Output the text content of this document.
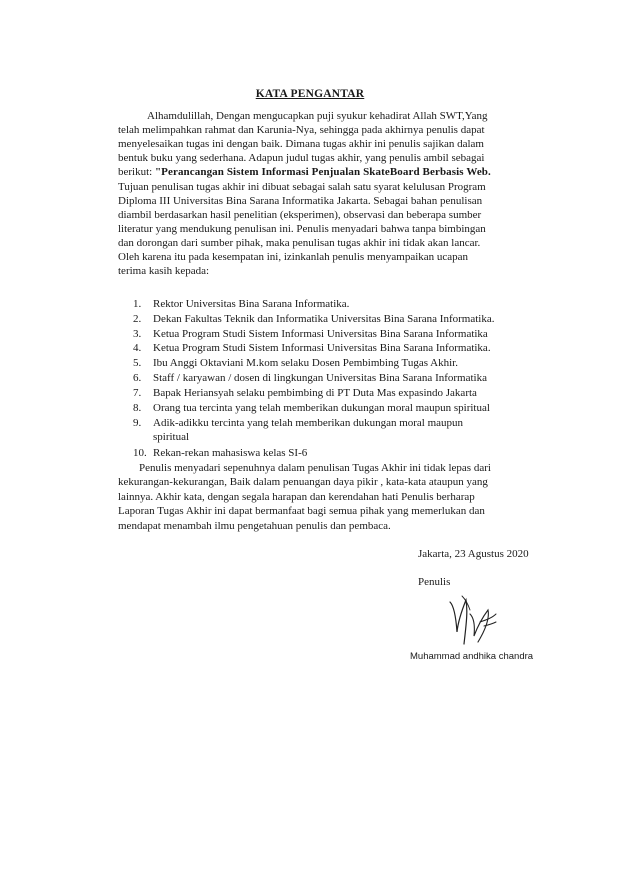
KATA PENGANTAR
Alhamdulillah, Dengan mengucapkan puji syukur kehadirat Allah SWT,Yang
telah melimpahkan rahmat dan Karunia-Nya, sehingga pada akhirnya penulis dapat
menyelesaikan tugas ini dengan baik. Dimana tugas akhir ini penulis sajikan dalam
bentuk buku yang sederhana. Adapun judul tugas akhir, yang penulis ambil sebagai
berikut: "Perancangan Sistem Informasi Penjualan SkateBoard Berbasis Web.
Tujuan penulisan tugas akhir ini dibuat sebagai salah satu syarat kelulusan Program
Diploma III Universitas Bina Sarana Informatika Jakarta. Sebagai bahan penulisan
diambil berdasarkan hasil penelitian (eksperimen), observasi dan beberapa sumber
literatur yang mendukung penulisan ini. Penulis menyadari bahwa tanpa bimbingan
dan dorongan dari sumber pihak, maka penulisan tugas akhir ini tidak akan lancar.
Oleh karena itu pada kesempatan ini, izinkanlah penulis menyampaikan ucapan
terima kasih kepada:
1. Rektor Universitas Bina Sarana Informatika.
2. Dekan Fakultas Teknik dan Informatika Universitas Bina Sarana Informatika.
3. Ketua Program Studi Sistem Informasi Universitas Bina Sarana Informatika
4. Ketua Program Studi Sistem Informasi Universitas Bina Sarana Informatika.
5. Ibu Anggi Oktaviani M.kom selaku Dosen Pembimbing Tugas Akhir.
6. Staff / karyawan / dosen di lingkungan Universitas Bina Sarana Informatika
7. Bapak Heriansyah selaku pembimbing di PT Duta Mas expasindo Jakarta
8. Orang tua tercinta yang telah memberikan dukungan moral maupun spiritual
9. Adik-adikku tercinta yang telah memberikan dukungan moral maupun
spiritual
10. Rekan-rekan mahasiswa kelas SI-6
Penulis menyadari sepenuhnya dalam penulisan Tugas Akhir ini tidak lepas dari
kekurangan-kekurangan, Baik dalam penuangan daya pikir , kata-kata ataupun yang
lainnya. Akhir kata, dengan segala harapan dan kerendahan hati Penulis berharap
Laporan Tugas Akhir ini dapat bermanfaat bagi semua pihak yang memerlukan dan
mendapat menambah ilmu pengetahuan penulis dan pembaca.
Jakarta, 23 Agustus 2020
Penulis
Muhammad andhika chandra
